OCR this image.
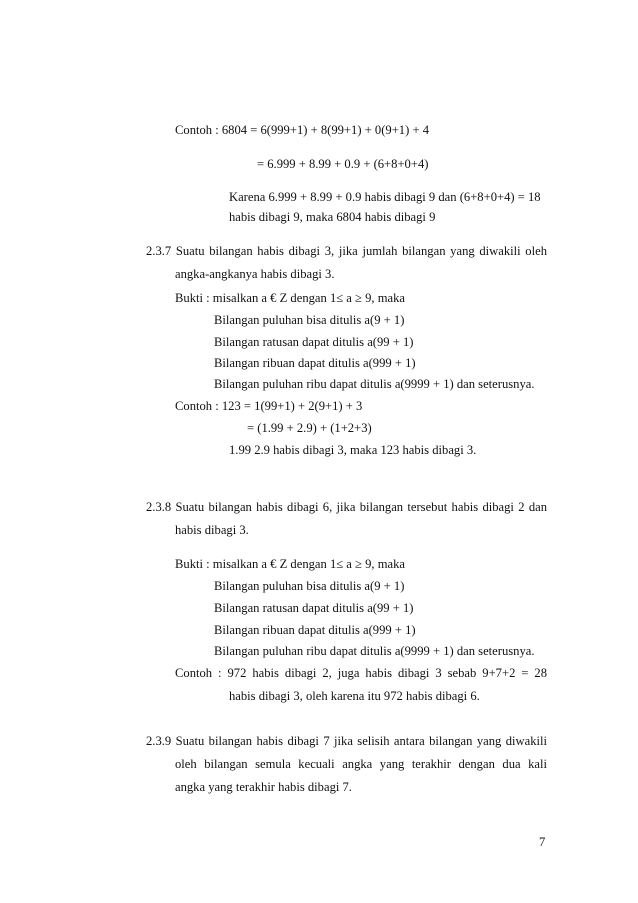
Contoh : 6804 = 6(999+1) + 8(99+1) + 0(9+1) + 4
= 6.999 + 8.99 + 0.9 + (6+8+0+4)
Karena 6.999 + 8.99 + 0.9 habis dibagi 9 dan (6+8+0+4) = 18
habis dibagi 9, maka 6804 habis dibagi 9
2.3.7 Suatu bilangan habis dibagi 3, jika jumlah bilangan yang diwakili oleh
angka-angkanya habis dibagi 3.
Bukti : misalkan a € Z dengan 1≤ a ≥ 9, maka
Bilangan puluhan bisa ditulis a(9 + 1)
Bilangan ratusan dapat ditulis a(99 + 1)
Bilangan ribuan dapat ditulis a(999 + 1)
Bilangan puluhan ribu dapat ditulis a(9999 + 1) dan seterusnya.
Contoh : 123 = 1(99+1) + 2(9+1) + 3
= (1.99 + 2.9) + (1+2+3)
1.99 2.9 habis dibagi 3, maka 123 habis dibagi 3.
2.3.8 Suatu bilangan habis dibagi 6, jika bilangan tersebut habis dibagi 2 dan
habis dibagi 3.
Bukti : misalkan a € Z dengan 1≤ a ≥ 9, maka
Bilangan puluhan bisa ditulis a(9 + 1)
Bilangan ratusan dapat ditulis a(99 + 1)
Bilangan ribuan dapat ditulis a(999 + 1)
Bilangan puluhan ribu dapat ditulis a(9999 + 1) dan seterusnya.
Contoh : 972 habis dibagi 2, juga habis dibagi 3 sebab 9+7+2 = 28
habis dibagi 3, oleh karena itu 972 habis dibagi 6.
2.3.9 Suatu bilangan habis dibagi 7 jika selisih antara bilangan yang diwakili
oleh bilangan semula kecuali angka yang terakhir dengan dua kali
angka yang terakhir habis dibagi 7.
7
